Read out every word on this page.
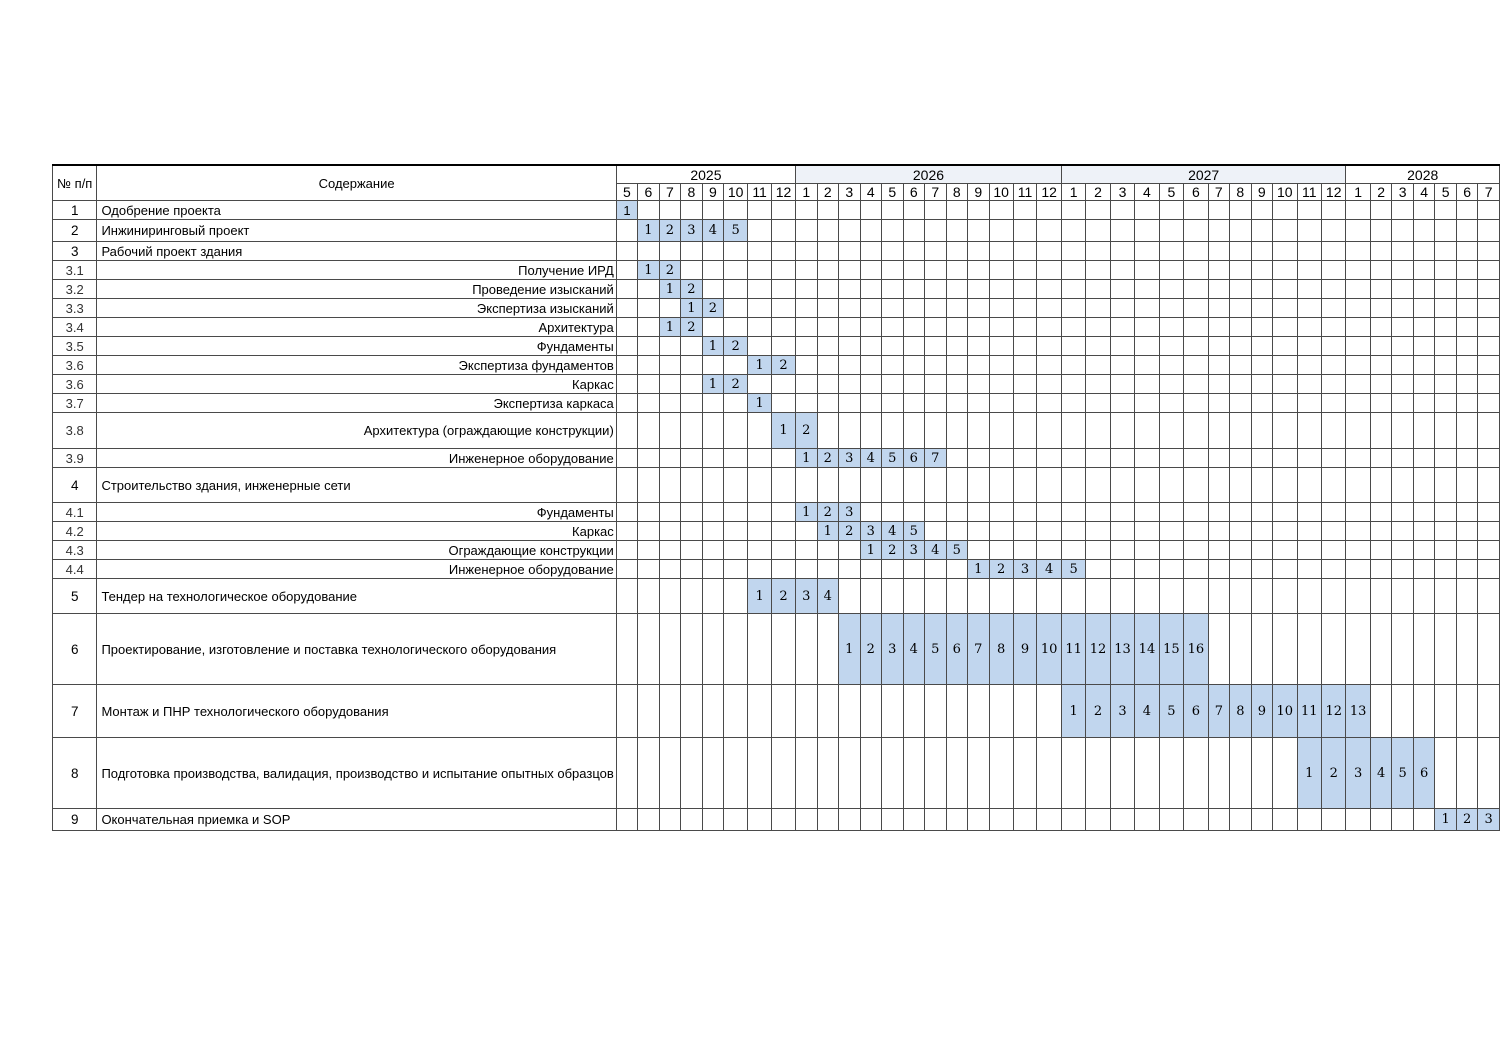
№ п/п	Содержание	2025								2026												2027												2028						
		5	6	7	8	9	10	11	12	1	2	3	4	5	6	7	8	9	10	11	12	1	2	3	4	5	6	7	8	9	10	11	12	1	2	3	4	5	6	7
1	Одобрение проекта	1																																						
2	Инжиниринговый проект		1	2	3	4	5																																	
3	Рабочий проект здания																																							
3.1	Получение ИРД		1	2																																				
3.2	Проведение изысканий			1	2																																			
3.3	Экспертиза изысканий				1	2																																		
3.4	Архитектура			1	2																																			
3.5	Фундаменты					1	2																																	
3.6	Экспертиза фундаментов							1	2																															
3.6	Каркас					1	2																																	
3.7	Экспертиза каркаса							1																																
3.8	Архитектура (ограждающие конструкции)								1	2																														
3.9	Инженерное оборудование									1	2	3	4	5	6	7																								
4	Строительство здания, инженерные сети																																							
4.1	Фундаменты									1	2	3																												
4.2	Каркас										1	2	3	4	5																									
4.3	Ограждающие конструкции												1	2	3	4	5																							
4.4	Инженерное оборудование																	1	2	3	4	5																		
5	Тендер на технологическое оборудование							1	2	3	4																													
6	Проектирование, изготовление и поставка технологического оборудования											1	2	3	4	5	6	7	8	9	10	11	12	13	14	15	16													
7	Монтаж и ПНР технологического оборудования																					1	2	3	4	5	6	7	8	9	10	11	12	13						
8	Подготовка производства, валидация, производство и испытание опытных образцов																															1	2	3	4	5	6			
9	Окончательная приемка и SOP																																					1	2	3
